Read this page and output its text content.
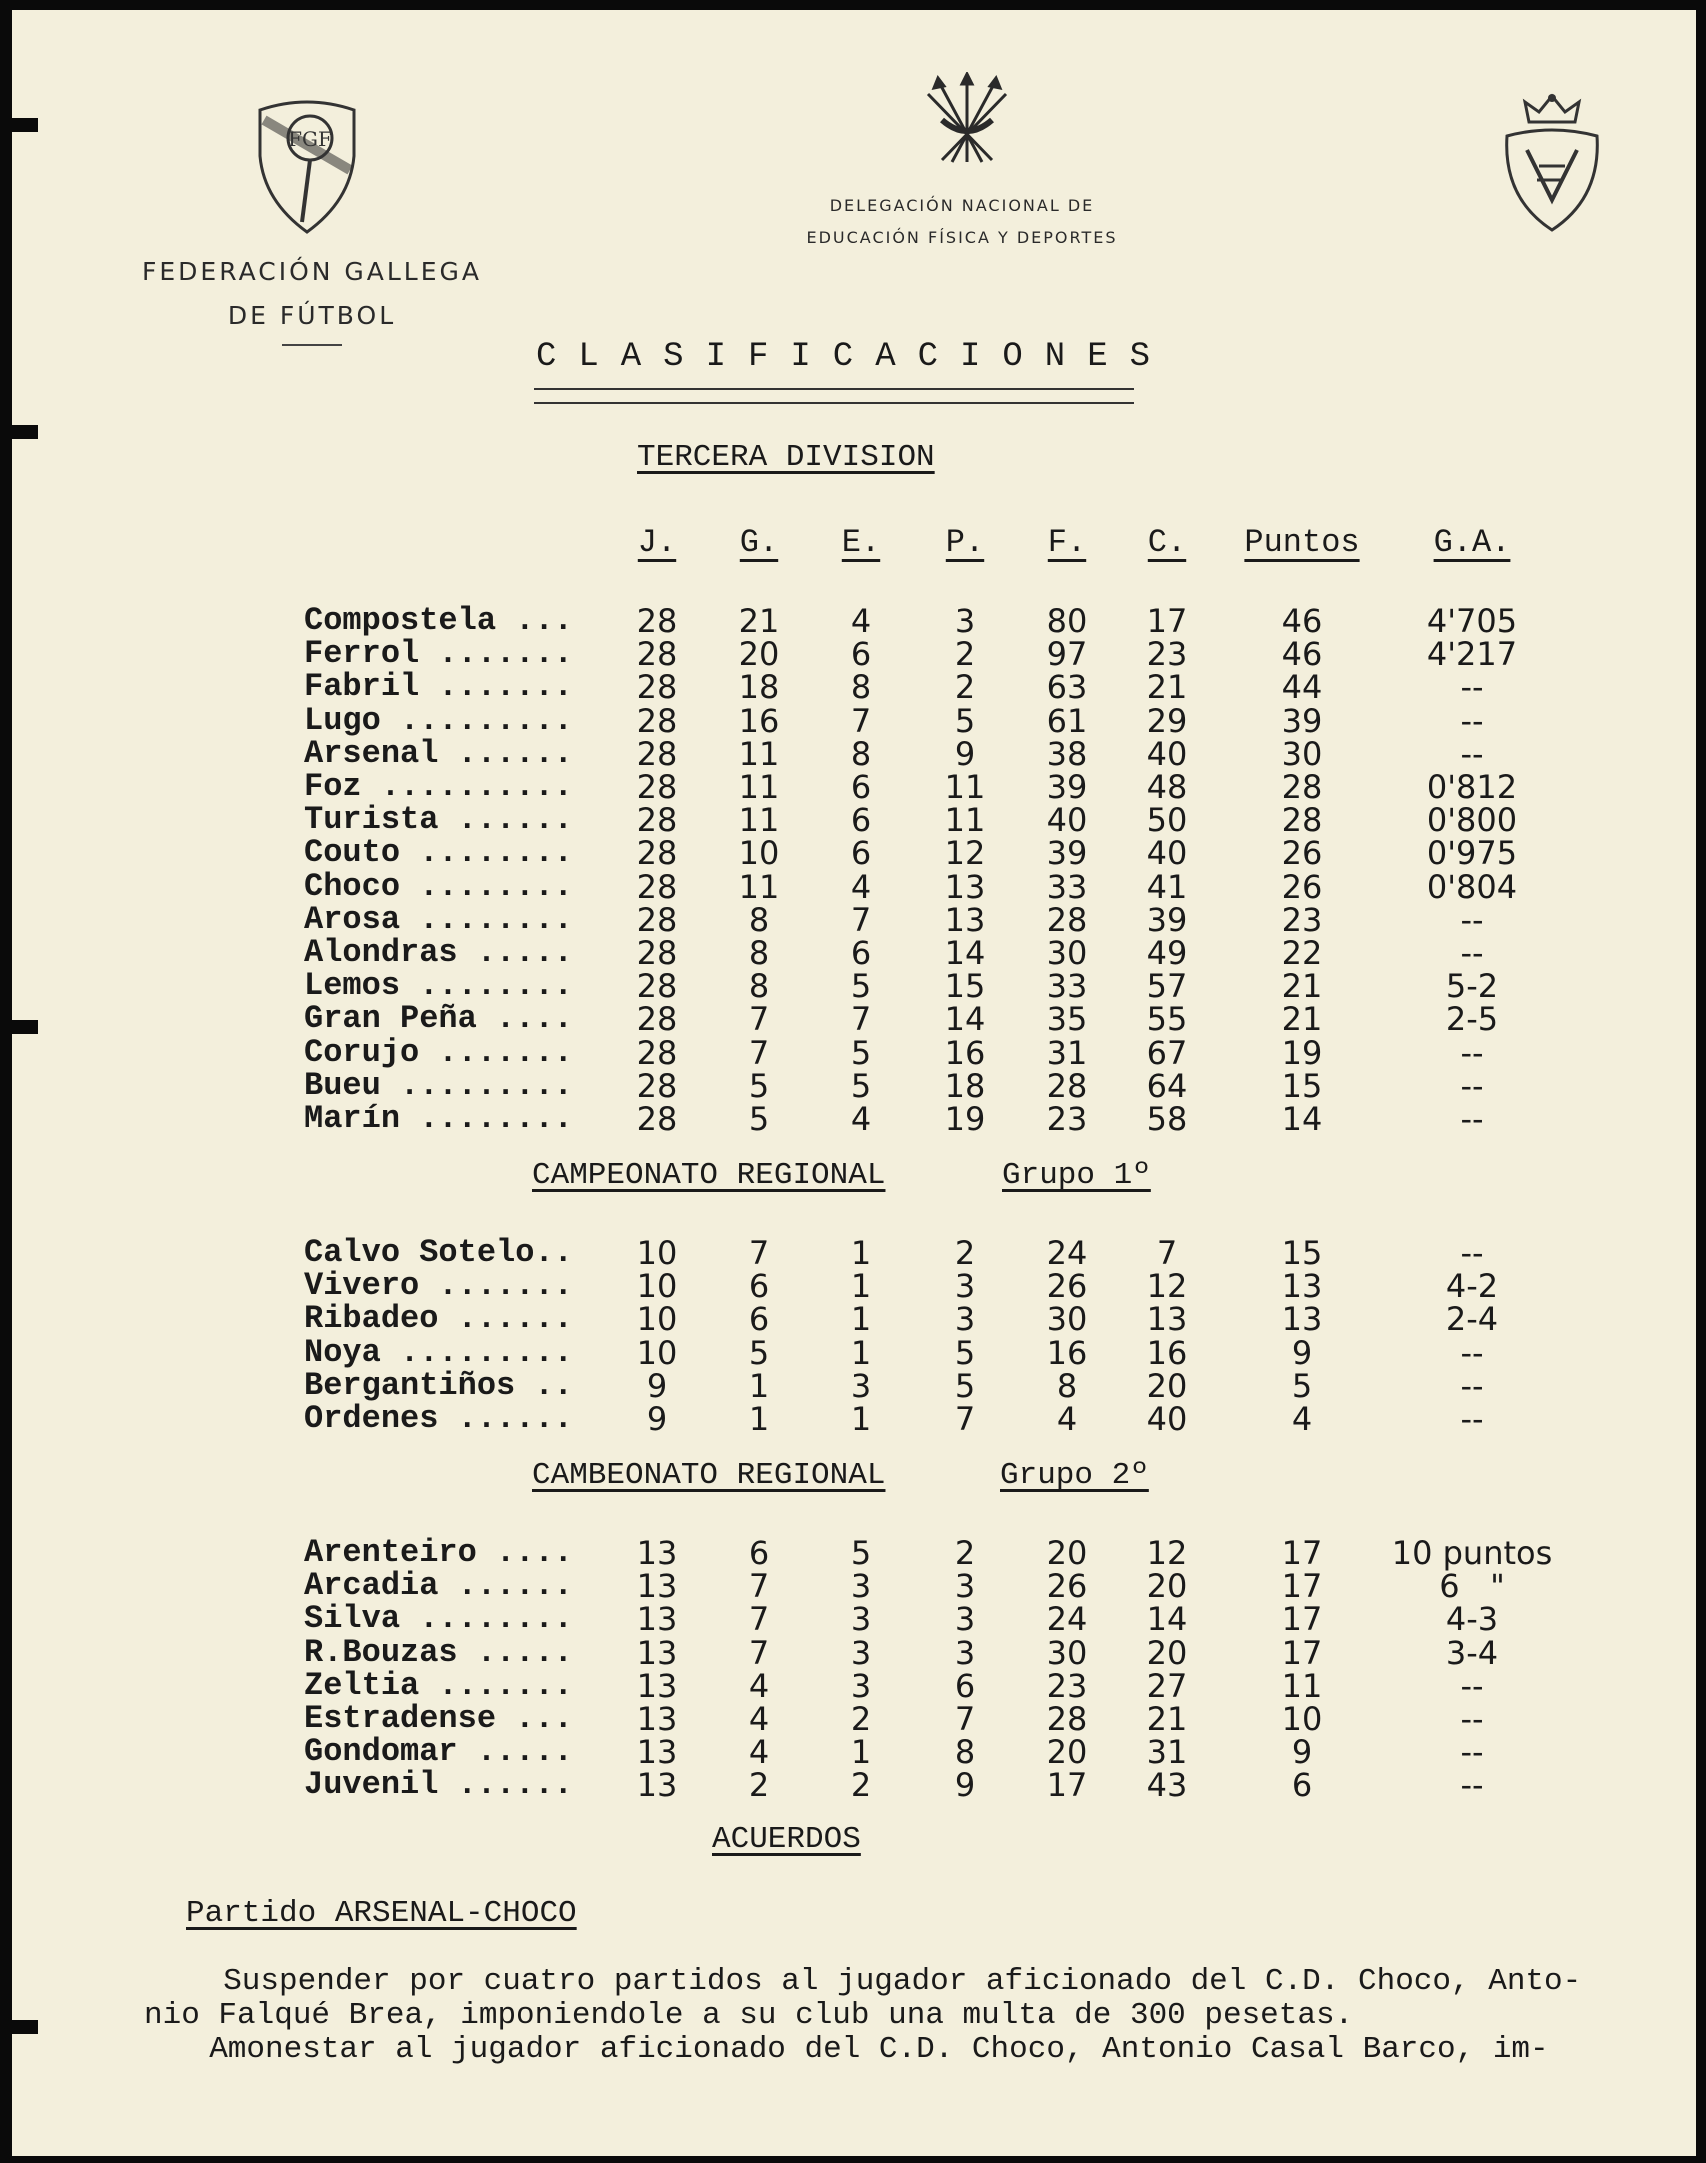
FGF
FEDERACIÓN GALLEGA
DE FÚTBOL
DELEGACIÓN NACIONAL DE
EDUCACIÓN FÍSICA Y DEPORTES
CLASIFICACIONES
TERCERA DIVISION
J.	G.	E.	P.	F.	C.	Puntos	G.A.
Compostela ...	28	21	4	3	80	17	46	4'705
Ferrol .......	28	20	6	2	97	23	46	4'217
Fabril .......	28	18	8	2	63	21	44	--
Lugo .........	28	16	7	5	61	29	39	--
Arsenal ......	28	11	8	9	38	40	30	--
Foz ..........	28	11	6	11	39	48	28	0'812
Turista ......	28	11	6	11	40	50	28	0'800
Couto ........	28	10	6	12	39	40	26	0'975
Choco ........	28	11	4	13	33	41	26	0'804
Arosa ........	28	8	7	13	28	39	23	--
Alondras .....	28	8	6	14	30	49	22	--
Lemos ........	28	8	5	15	33	57	21	5-2
Gran Peña ....	28	7	7	14	35	55	21	2-5
Corujo .......	28	7	5	16	31	67	19	--
Bueu .........	28	5	5	18	28	64	15	--
Marín ........	28	5	4	19	23	58	14	--
CAMPEONATO REGIONAL	Grupo 1º
Calvo Sotelo..	10	7	1	2	24	7	15	--
Vivero .......	10	6	1	3	26	12	13	4-2
Ribadeo ......	10	6	1	3	30	13	13	2-4
Noya .........	10	5	1	5	16	16	9	--
Bergantiños ..	9	1	3	5	8	20	5	--
Ordenes ......	9	1	1	7	4	40	4	--
CAMBEONATO REGIONAL	Grupo 2º
Arenteiro ....	13	6	5	2	20	12	17	10 puntos
Arcadia ......	13	7	3	3	26	20	17	6   "
Silva ........	13	7	3	3	24	14	17	4-3
R.Bouzas .....	13	7	3	3	30	20	17	3-4
Zeltia .......	13	4	3	6	23	27	11	--
Estradense ...	13	4	2	7	28	21	10	--
Gondomar .....	13	4	1	8	20	31	9	--
Juvenil ......	13	2	2	9	17	43	6	--
ACUERDOS
Partido ARSENAL-CHOCO
Suspender por cuatro partidos al jugador aficionado del C.D. Choco, Anto-
nio Falqué Brea, imponiendole a su club una multa de 300 pesetas.
Amonestar al jugador aficionado del C.D. Choco, Antonio Casal Barco, im-
